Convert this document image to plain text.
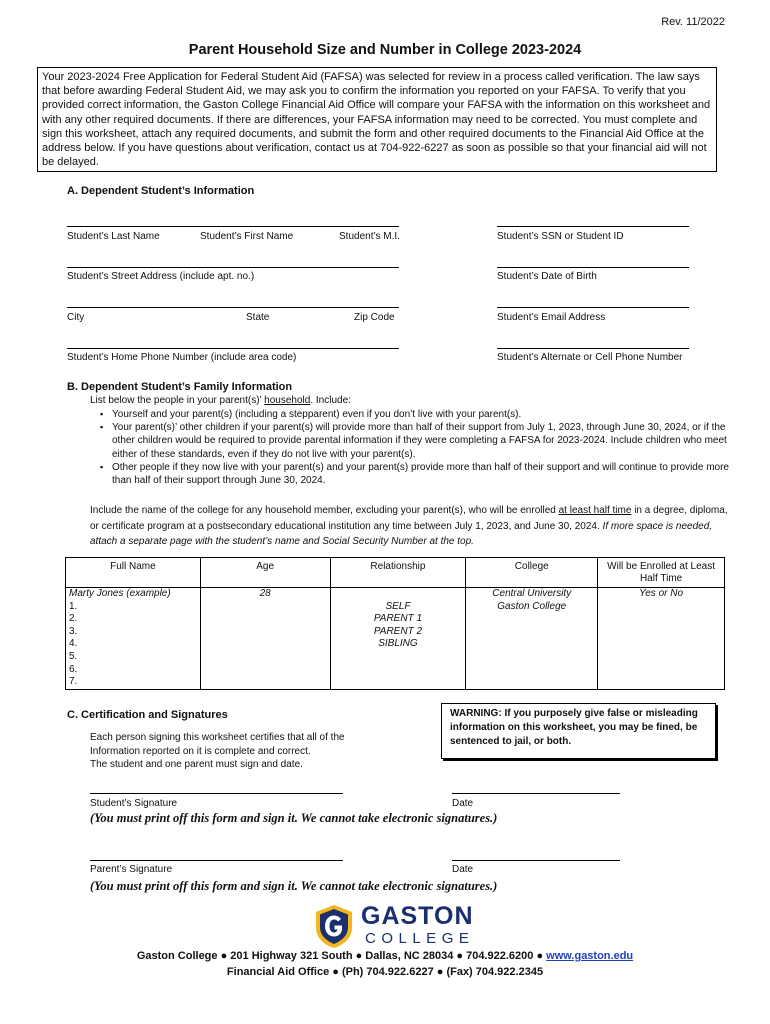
Rev. 11/2022
Parent Household Size and Number in College 2023-2024
Your 2023-2024 Free Application for Federal Student Aid (FAFSA) was selected for review in a process called verification. The law says that before awarding Federal Student Aid, we may ask you to confirm the information you reported on your FAFSA. To verify that you provided correct information, the Gaston College Financial Aid Office will compare your FAFSA with the information on this worksheet and with any other required documents. If there are differences, your FAFSA information may need to be corrected. You must complete and sign this worksheet, attach any required documents, and submit the form and other required documents to the Financial Aid Office at the address below. If you have questions about verification, contact us at 704-922-6227 as soon as possible so that your financial aid will not be delayed.
A. Dependent Student’s Information
Student’s Last Name	Student’s First Name	Student’s M.I.	Student’s SSN or Student ID
Student’s Street Address (include apt. no.)	Student’s Date of Birth
City	State	Zip Code	Student’s Email Address
Student’s Home Phone Number (include area code)	Student’s Alternate or Cell Phone Number
B. Dependent Student’s Family Information
List below the people in your parent(s)’ household. Include:
▪ Yourself and your parent(s) (including a stepparent) even if you don’t live with your parent(s).
▪ Your parent(s)’ other children if your parent(s) will provide more than half of their support from July 1, 2023, through June 30, 2024, or if the other children would be required to provide parental information if they were completing a FAFSA for 2023-2024. Include children who meet either of these standards, even if they do not live with your parent(s).
▪ Other people if they now live with your parent(s) and your parent(s) provide more than half of their support and will continue to provide more than half of their support through June 30, 2024.
Include the name of the college for any household member, excluding your parent(s), who will be enrolled at least half time in a degree, diploma, or certificate program at a postsecondary educational institution any time between July 1, 2023, and June 30, 2024. If more space is needed, attach a separate page with the student’s name and Social Security Number at the top.
Full Name	Age	Relationship	College	Will be Enrolled at Least Half Time
Marty Jones (example)	28		Central University	Yes or No
1.		SELF	Gaston College	
2.		PARENT 1		
3.		PARENT 2		
4.		SIBLING		
5.				
6.				
7.				
C. Certification and Signatures
Each person signing this worksheet certifies that all of the
Information reported on it is complete and correct.
The student and one parent must sign and date.
WARNING: If you purposely give false or misleading information on this worksheet, you may be fined, be sentenced to jail, or both.
Student’s Signature	Date
(You must print off this form and sign it. We cannot take electronic signatures.)
Parent’s Signature	Date
(You must print off this form and sign it. We cannot take electronic signatures.)
GASTON
COLLEGE
Gaston College ● 201 Highway 321 South ● Dallas, NC 28034 ● 704.922.6200 ● www.gaston.edu
Financial Aid Office ● (Ph) 704.922.6227 ● (Fax) 704.922.2345
